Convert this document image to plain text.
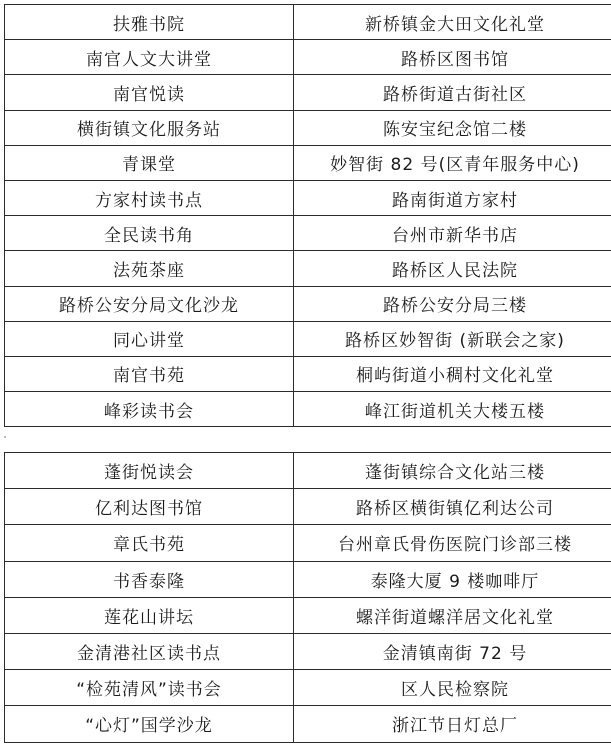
扶雅书院	新桥镇金大田文化礼堂
南官人文大讲堂	路桥区图书馆
南官悦读	路桥街道古街社区
横街镇文化服务站	陈安宝纪念馆二楼
青课堂	妙智街 82 号(区青年服务中心)
方家村读书点	路南街道方家村
全民读书角	台州市新华书店
法苑茶座	路桥区人民法院
路桥公安分局文化沙龙	路桥公安分局三楼
同心讲堂	路桥区妙智街 (新联会之家)
南官书苑	桐屿街道小稠村文化礼堂
峰彩读书会	峰江街道机关大楼五楼
蓬街悦读会	蓬街镇综合文化站三楼
亿利达图书馆	路桥区横街镇亿利达公司
章氏书苑	台州章氏骨伤医院门诊部三楼
书香泰隆	泰隆大厦 9 楼咖啡厅
莲花山讲坛	螺洋街道螺洋居文化礼堂
金清港社区读书点	金清镇南街 72 号
“检苑清风”读书会	区人民检察院
“心灯”国学沙龙	浙江节日灯总厂
